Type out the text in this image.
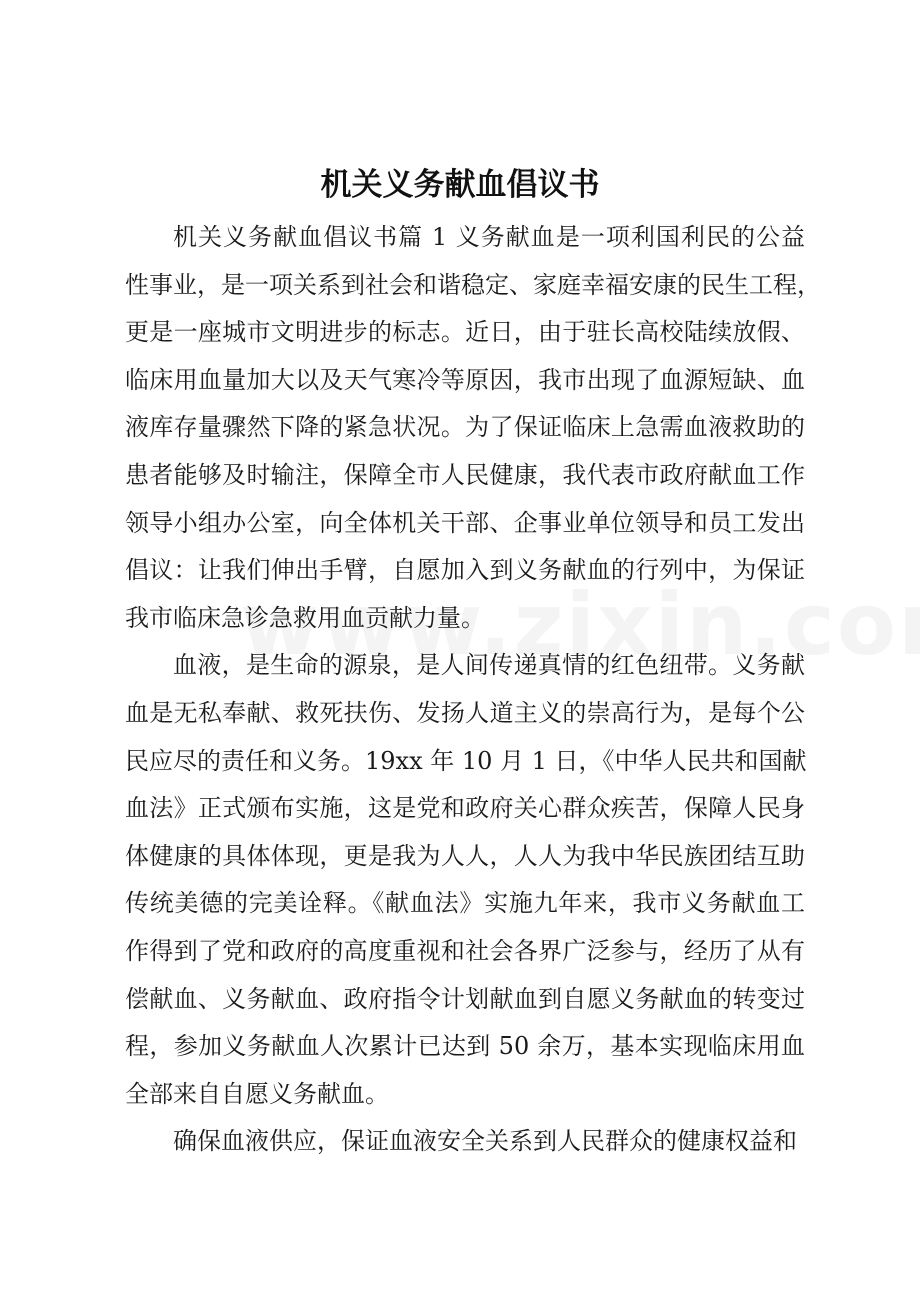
机关义务献血倡议书
机关义务献血倡议书篇 1 义务献血是一项利国利民的公益
性事业，是一项关系到社会和谐稳定、家庭幸福安康的民生工程，
更是一座城市文明进步的标志。近日，由于驻长高校陆续放假、
临床用血量加大以及天气寒冷等原因，我市出现了血源短缺、血
液库存量骤然下降的紧急状况。为了保证临床上急需血液救助的
患者能够及时输注，保障全市人民健康，我代表市政府献血工作
领导小组办公室，向全体机关干部、企事业单位领导和员工发出
倡议：让我们伸出手臂，自愿加入到义务献血的行列中，为保证
我市临床急诊急救用血贡献力量。
血液，是生命的源泉，是人间传递真情的红色纽带。义务献
血是无私奉献、救死扶伤、发扬人道主义的崇高行为，是每个公
民应尽的责任和义务。19xx 年 10 月 1 日，《中华人民共和国献
血法》正式颁布实施，这是党和政府关心群众疾苦，保障人民身
体健康的具体体现，更是我为人人，人人为我中华民族团结互助
传统美德的完美诠释。《献血法》实施九年来，我市义务献血工
作得到了党和政府的高度重视和社会各界广泛参与，经历了从有
偿献血、义务献血、政府指令计划献血到自愿义务献血的转变过
程，参加义务献血人次累计已达到 50 余万，基本实现临床用血
全部来自自愿义务献血。
确保血液供应，保证血液安全关系到人民群众的健康权益和
